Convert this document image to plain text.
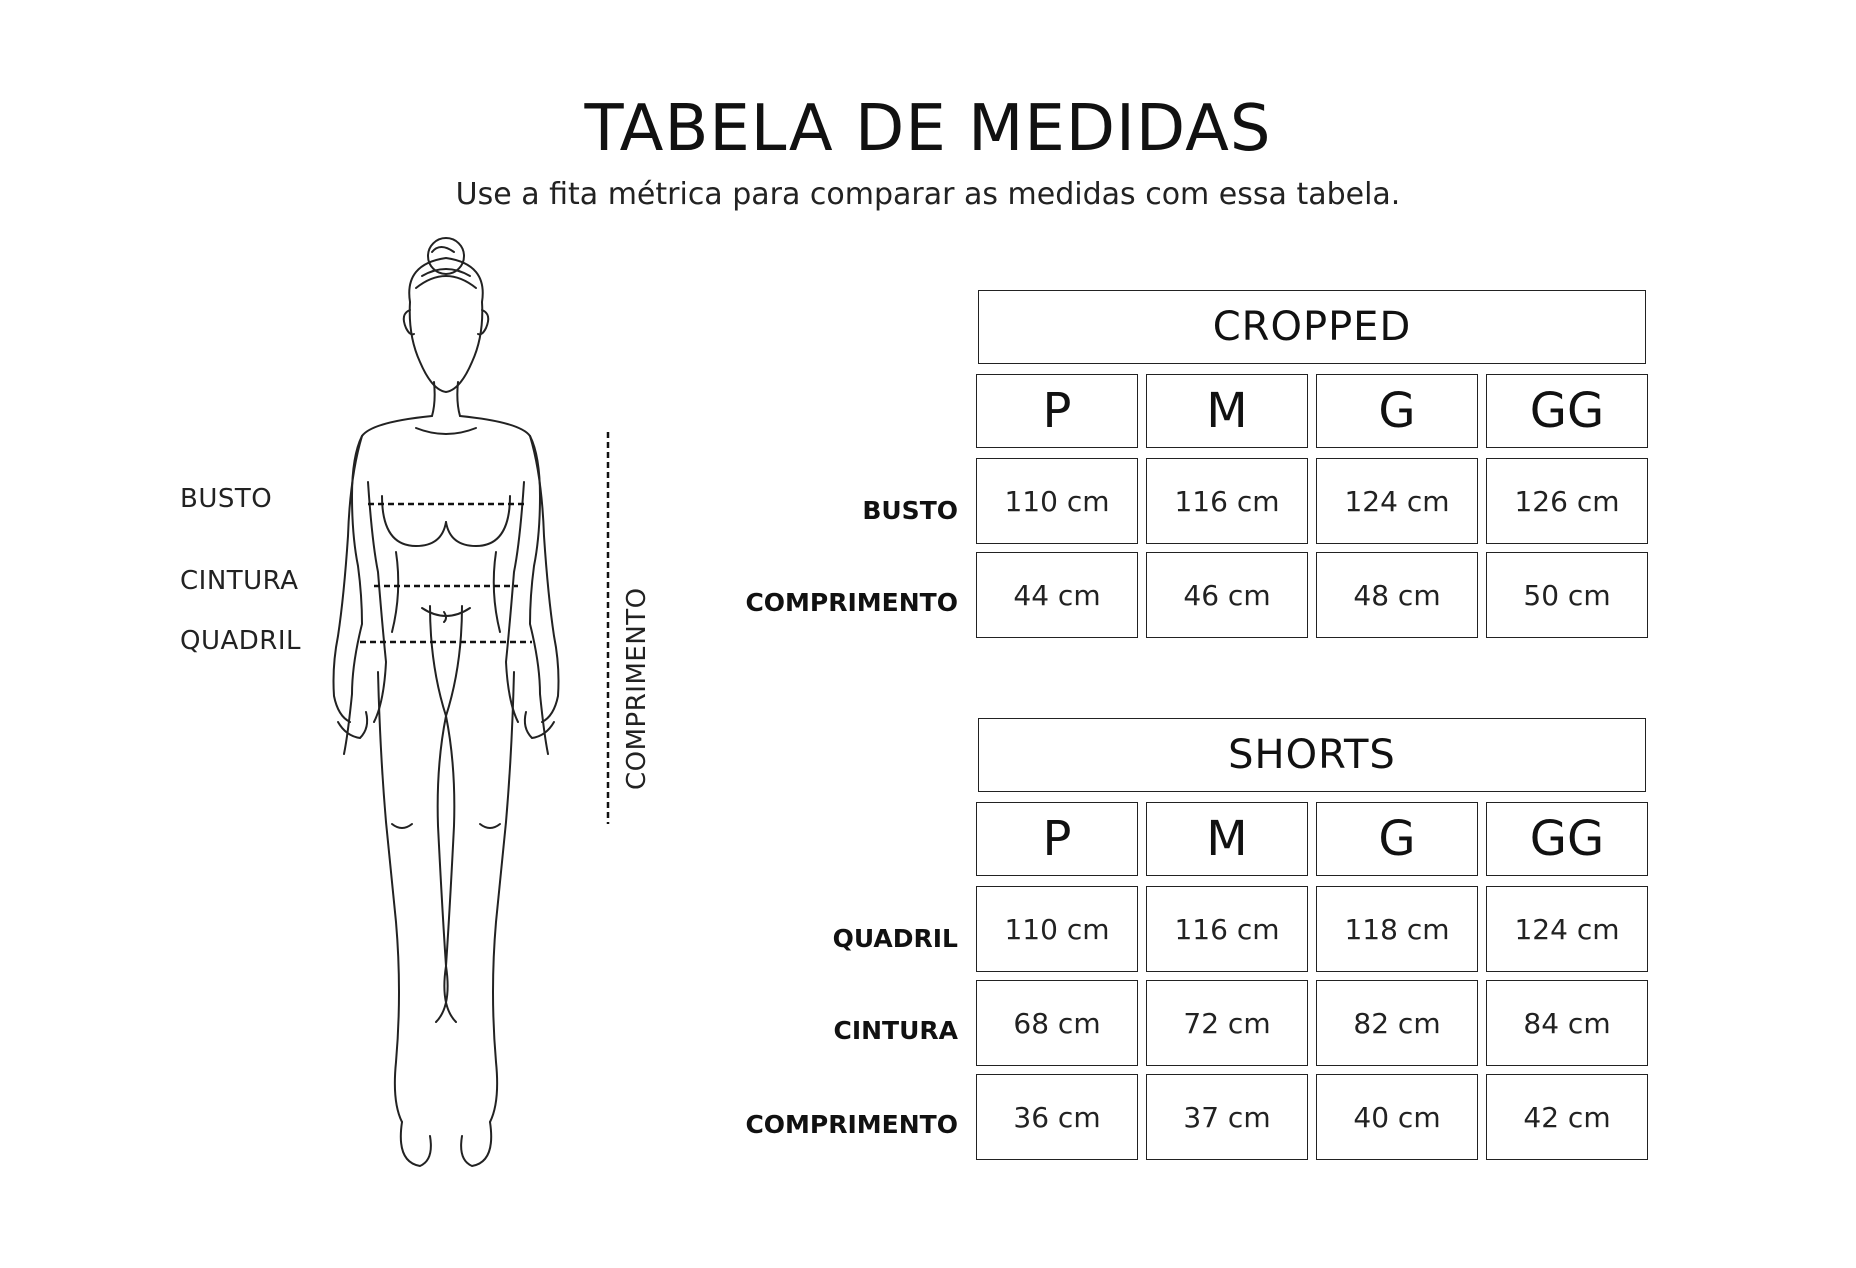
TABELA DE MEDIDAS
Use a fita métrica para comparar as medidas com essa tabela.
BUSTO
CINTURA
QUADRIL	COMPRIMENTO
CROPPED
P	M	G	GG
BUSTO	110 cm	116 cm	124 cm	126 cm
COMPRIMENTO	44 cm	46 cm	48 cm	50 cm
SHORTS
P	M	G	GG
QUADRIL	110 cm	116 cm	118 cm	124 cm
CINTURA	68 cm	72 cm	82 cm	84 cm
COMPRIMENTO	36 cm	37 cm	40 cm	42 cm
